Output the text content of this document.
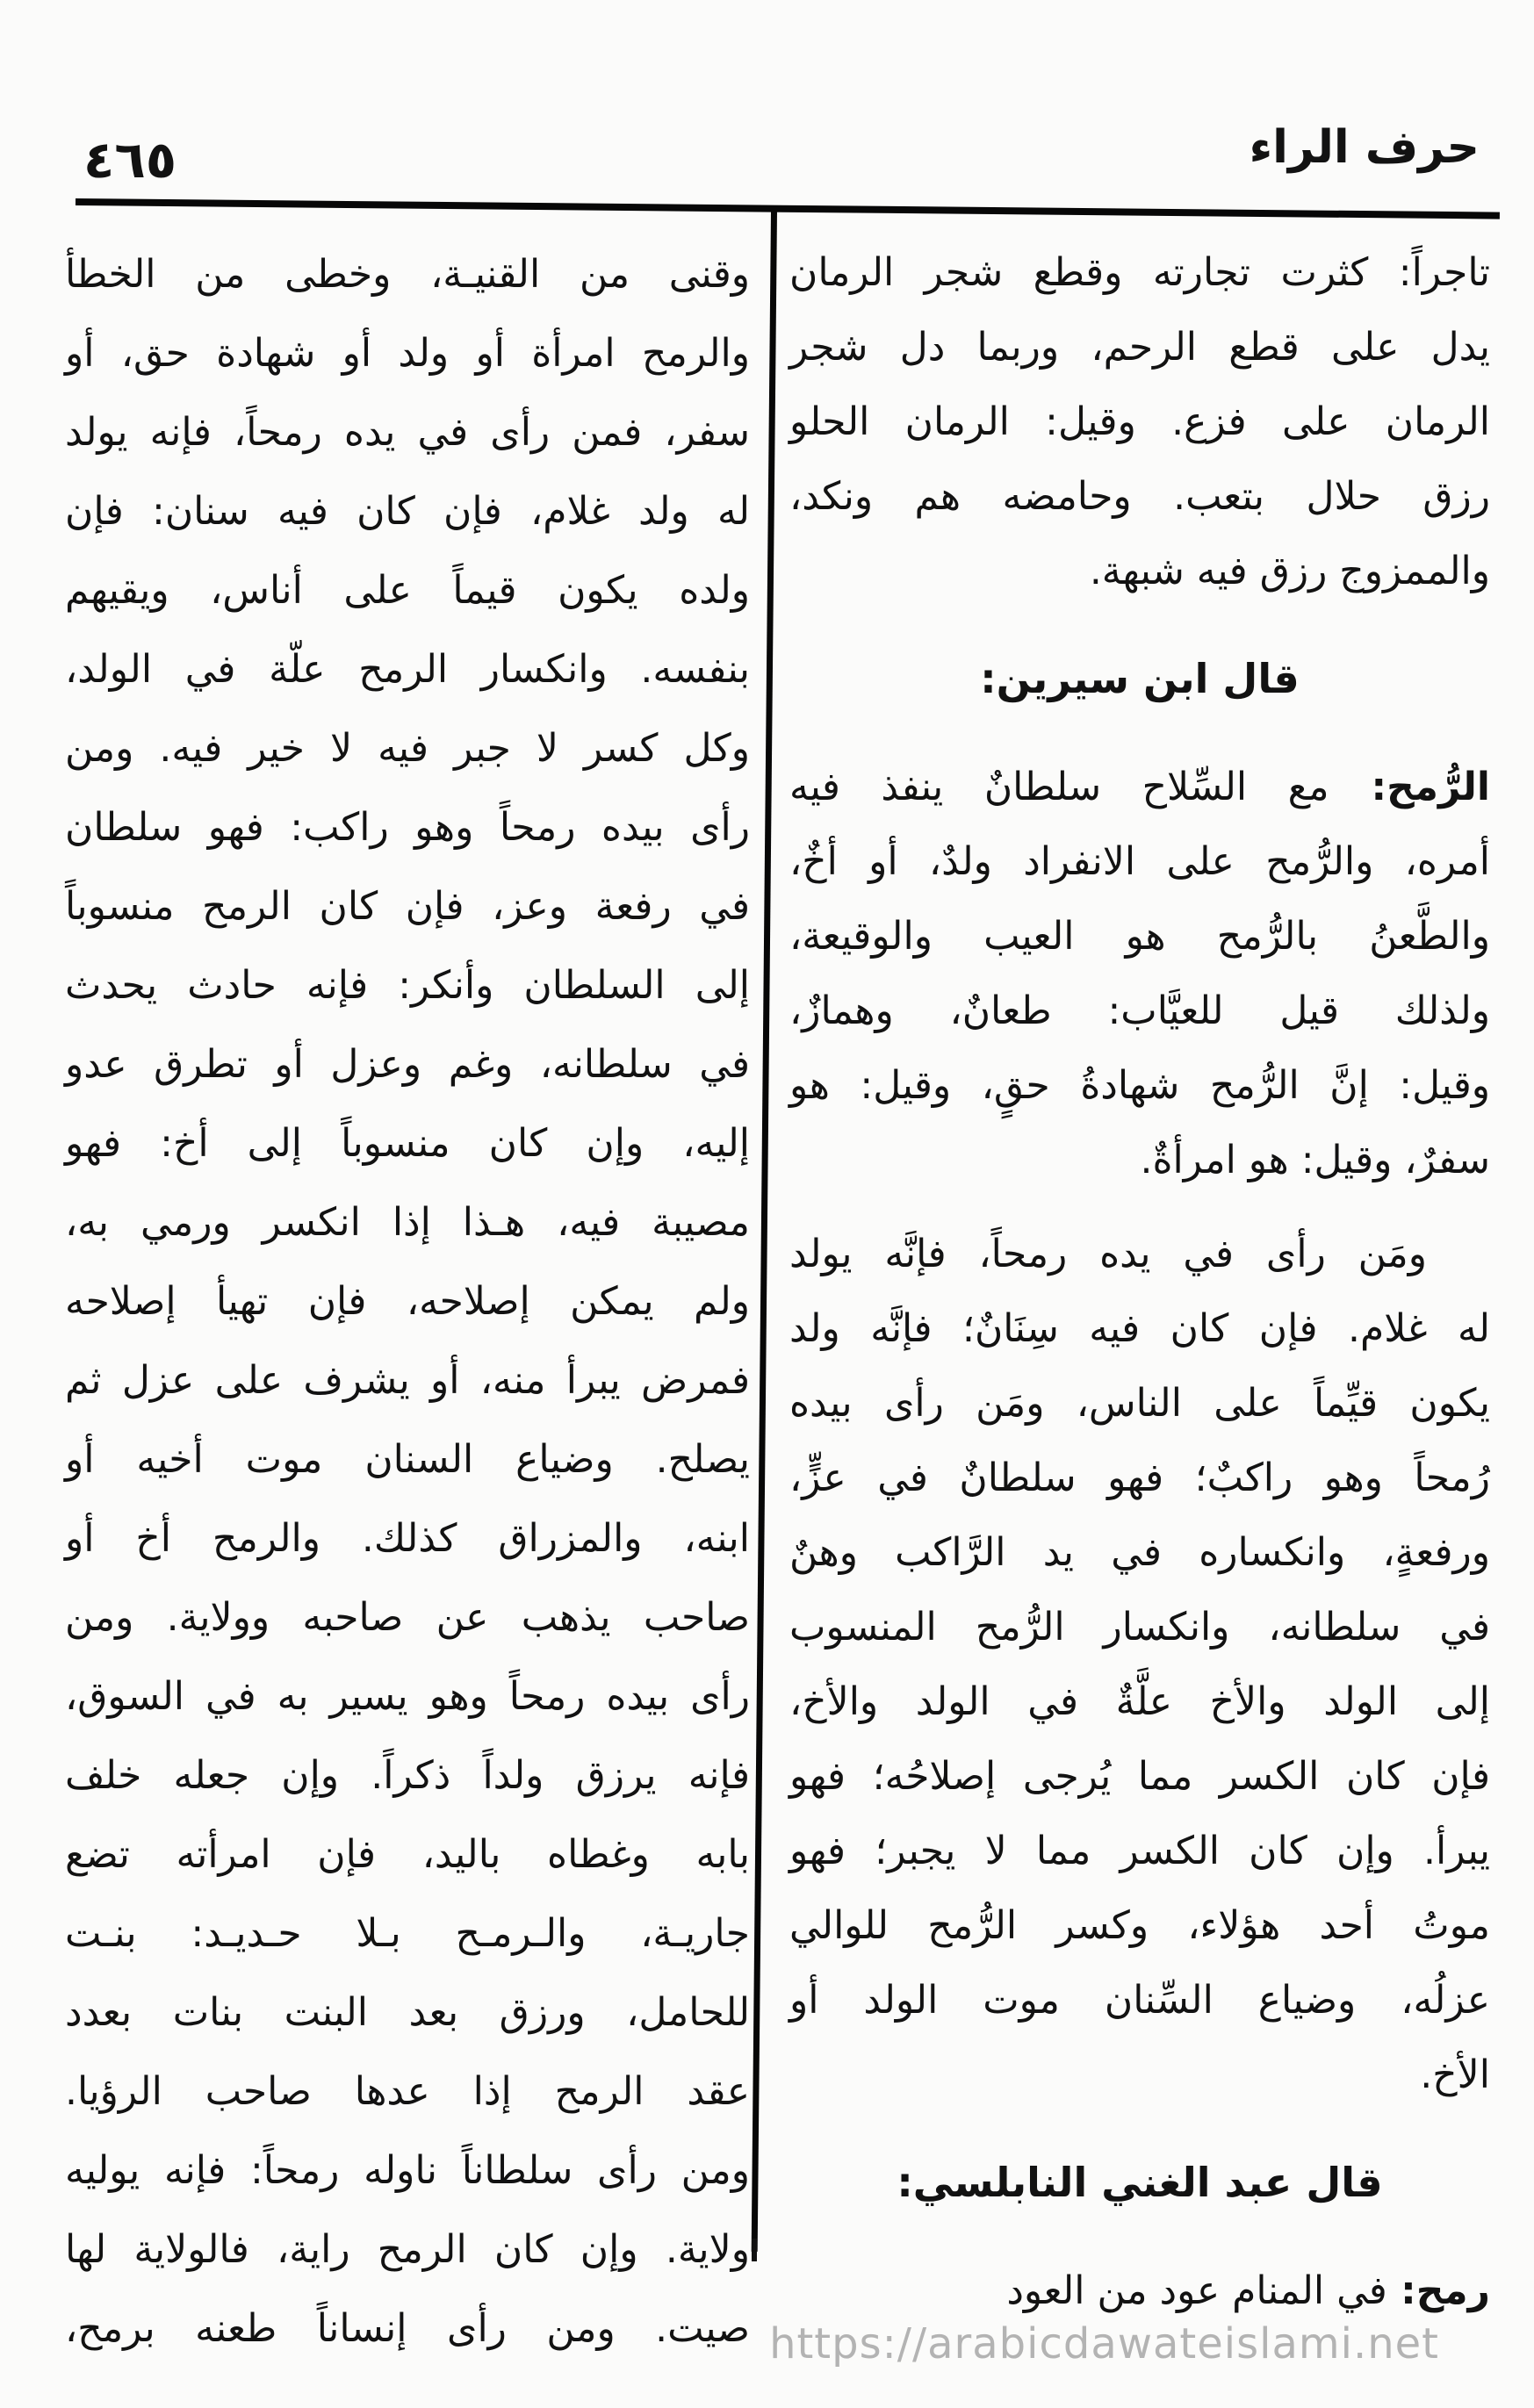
حرف الراء
٤٦٥
تاجراً: كثرت تجارته وقطع شجر الرمان
يدل على قطع الرحم، وربما دل شجر
الرمان على فزع. وقيل: الرمان الحلو
رزق حلال بتعب. وحامضه هم ونكد،
والممزوج رزق فيه شبهة.
قال ابن سيرين:
الرُّمح: مع السِّلاح سلطانٌ ينفذ فيه
أمره، والرُّمح على الانفراد ولدٌ، أو أخٌ،
والطَّعنُ بالرُّمح هو العيب والوقيعة،
ولذلك قيل للعيَّاب: طعانٌ، وهمازٌ،
وقيل: إنَّ الرُّمح شهادةُ حقٍ، وقيل: هو
سفرٌ، وقيل: هو امرأةٌ.
ومَن رأى في يده رمحاً، فإنَّه يولد
له غلام. فإن كان فيه سِنَانٌ؛ فإنَّه ولد
يكون قيِّماً على الناس، ومَن رأى بيده
رُمحاً وهو راكبٌ؛ فهو سلطانٌ في عزٍّ،
ورفعةٍ، وانكساره في يد الرَّاكب وهنٌ
في سلطانه، وانكسار الرُّمح المنسوب
إلى الولد والأخ علَّةٌ في الولد والأخ،
فإن كان الكسر مما يُرجى إصلاحُه؛ فهو
يبرأ. وإن كان الكسر مما لا يجبر؛ فهو
موتُ أحد هؤلاء، وكسر الرُّمح للوالي
عزلُه، وضياع السِّنان موت الولد أو
الأخ.
قال عبد الغني النابلسي:
رمح: في المنام عود من العود
وقنى من القنيـة، وخطى من الخطأ
والرمح امرأة أو ولد أو شهادة حق، أو
سفر، فمن رأى في يده رمحاً، فإنه يولد
له ولد غلام، فإن كان فيه سنان: فإن
ولده يكون قيماً على أناس، ويقيهم
بنفسه. وانكسار الرمح علّة في الولد،
وكل كسر لا جبر فيه لا خير فيه. ومن
رأى بيده رمحاً وهو راكب: فهو سلطان
في رفعة وعز، فإن كان الرمح منسوباً
إلى السلطان وأنكر: فإنه حادث يحدث
في سلطانه، وغم وعزل أو تطرق عدو
إليه، وإن كان منسوباً إلى أخ: فهو
مصيبة فيه، هـذا إذا انكسر ورمي به،
ولم يمكن إصلاحه، فإن تهيأ إصلاحه
فمرض يبرأ منه، أو يشرف على عزل ثم
يصلح. وضياع السنان موت أخيه أو
ابنه، والمزراق كذلك. والرمح أخ أو
صاحب يذهب عن صاحبه وولاية. ومن
رأى بيده رمحاً وهو يسير به في السوق،
فإنه يرزق ولداً ذكراً. وإن جعله خلف
بابه وغطاه باليد، فإن امرأته تضع
جاريـة، والـرمـح بـلا حـديـد: بنـت
للحامل، ورزق بعد البنت بنات بعدد
عقد الرمح إذا عدها صاحب الرؤيا.
ومن رأى سلطاناً ناوله رمحاً: فإنه يوليه
ولاية. وإن كان الرمح راية، فالولاية لها
صيت. ومن رأى إنساناً طعنه برمح، https://arabicdawateislami.net
